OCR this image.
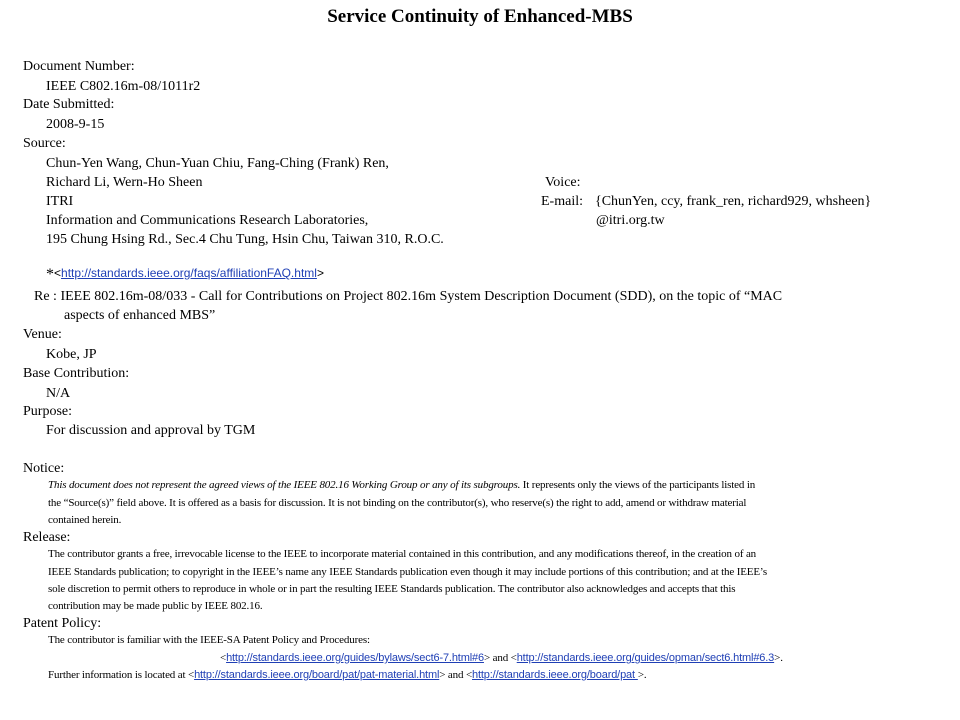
Service Continuity of Enhanced-MBS
Document Number:
IEEE C802.16m-08/1011r2
Date Submitted:
2008-9-15
Source:
Chun-Yen Wang, Chun-Yuan Chiu, Fang-Ching (Frank) Ren,
Richard Li, Wern-Ho Sheen
ITRI
Information and Communications Research Laboratories,
195 Chung Hsing Rd., Sec.4 Chu Tung, Hsin Chu, Taiwan 310, R.O.C.
Voice:
E-mail: {ChunYen, ccy, frank_ren, richard929, whsheen}
@itri.org.tw
*<http://standards.ieee.org/faqs/affiliationFAQ.html>
Re : IEEE 802.16m-08/033 - Call for Contributions on Project 802.16m System Description Document (SDD), on the topic of “MAC
aspects of enhanced MBS”
Venue:
Kobe, JP
Base Contribution:
N/A
Purpose:
For discussion and approval by TGM
Notice:
This document does not represent the agreed views of the IEEE 802.16 Working Group or any of its subgroups. It represents only the views of the participants listed in
the “Source(s)” field above. It is offered as a basis for discussion. It is not binding on the contributor(s), who reserve(s) the right to add, amend or withdraw material
contained herein.
Release:
The contributor grants a free, irrevocable license to the IEEE to incorporate material contained in this contribution, and any modifications thereof, in the creation of an
IEEE Standards publication; to copyright in the IEEE’s name any IEEE Standards publication even though it may include portions of this contribution; and at the IEEE’s
sole discretion to permit others to reproduce in whole or in part the resulting IEEE Standards publication. The contributor also acknowledges and accepts that this
contribution may be made public by IEEE 802.16.
Patent Policy:
The contributor is familiar with the IEEE-SA Patent Policy and Procedures:
<http://standards.ieee.org/guides/bylaws/sect6-7.html#6> and <http://standards.ieee.org/guides/opman/sect6.html#6.3>.
Further information is located at <http://standards.ieee.org/board/pat/pat-material.html> and <http://standards.ieee.org/board/pat >.
